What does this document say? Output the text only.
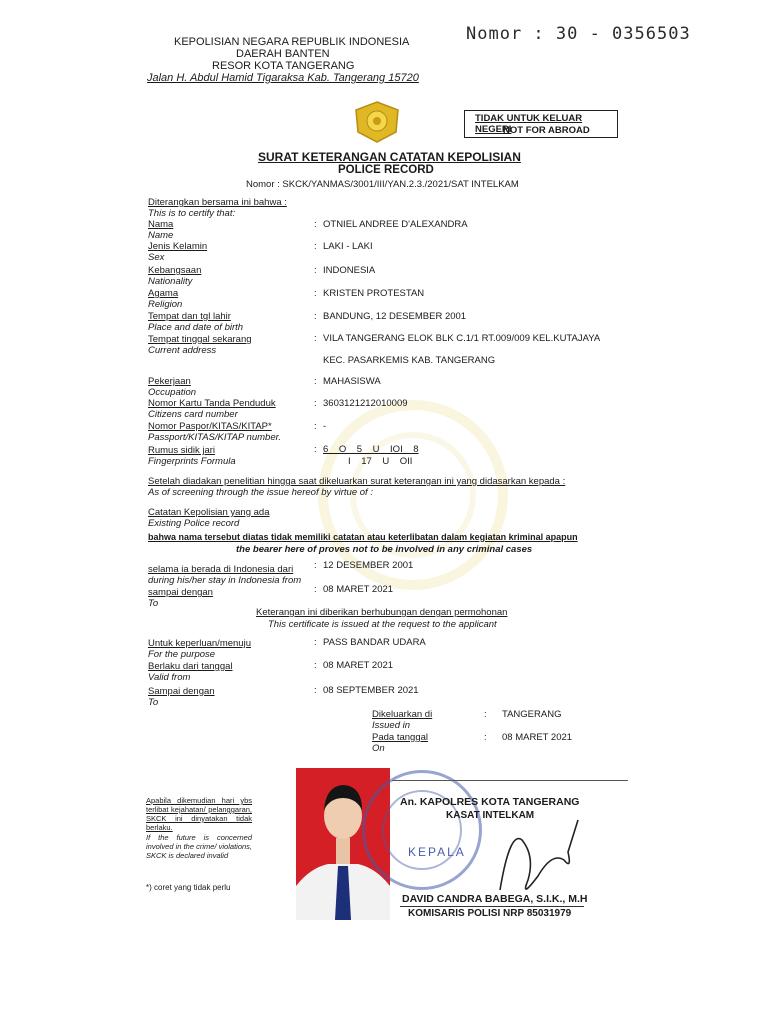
KEPOLISIAN NEGARA REPUBLIK INDONESIA
DAERAH BANTEN
RESOR KOTA TANGERANG
Jalan H. Abdul Hamid Tigaraksa Kab. Tangerang 15720
Nomor : 30 - 0356503
TIDAK UNTUK KELUAR NEGERI
NOT FOR ABROAD
SURAT KETERANGAN CATATAN KEPOLISIAN
POLICE RECORD
Nomor : SKCK/YANMAS/3001/III/YAN.2.3./2021/SAT INTELKAM
Diterangkan bersama ini bahwa :
This is to certify that:
Nama
Name
: OTNIEL ANDREE D'ALEXANDRA
Jenis Kelamin
Sex
: LAKI - LAKI
Kebangsaan
Nationality
: INDONESIA
Agama
Religion
: KRISTEN PROTESTAN
Tempat dan tgl lahir
Place and date of birth
: BANDUNG, 12 DESEMBER 2001
Tempat tinggal sekarang
Current address
: VILA TANGERANG ELOK BLK C.1/1 RT.009/009 KEL.KUTAJAYA
KEC. PASARKEMIS KAB. TANGERANG
Pekerjaan
Occupation
: MAHASISWA
Nomor Kartu Tanda Penduduk
Citizens card number
: 3603121212010009
Nomor Paspor/KITAS/KITAP*
Passport/KITAS/KITAP number.
: -
Rumus sidik jari
Fingerprints Formula
: 6    O    5    U    IOI    8
I    17    U    OII
Setelah diadakan penelitian hingga saat dikeluarkan surat keterangan ini yang didasarkan kepada :
As of screening through the issue hereof by virtue of :
Catatan Kepolisian yang ada
Existing Police record
bahwa nama tersebut diatas tidak memiliki catatan atau keterlibatan dalam kegiatan kriminal apapun
the bearer here of proves not to be involved in any criminal cases
selama ia berada di Indonesia dari
during his/her stay in Indonesia from
: 12 DESEMBER 2001
sampai dengan
To
: 08 MARET 2021
Keterangan ini diberikan berhubungan dengan permohonan
This certificate is issued at the request to the applicant
Untuk keperluan/menuju
For the purpose
: PASS BANDAR UDARA
Berlaku dari tanggal
Valid from
: 08 MARET 2021
Sampai dengan
To
: 08 SEPTEMBER 2021
Dikeluarkan di
Issued in
: TANGERANG
Pada tanggal
On
: 08 MARET 2021
Apabila dikemudian hari ybs terlibat kejahatan/ pelanggaran, SKCK ini dinyatakan tidak berlaku.
If the future is concerned involved in the crime/ violations, SKCK is declared invalid
*) coret yang tidak perlu
KEPALA
An. KAPOLRES KOTA TANGERANG
KASAT INTELKAM
DAVID CANDRA BABEGA, S.I.K., M.H
KOMISARIS POLISI NRP 85031979
